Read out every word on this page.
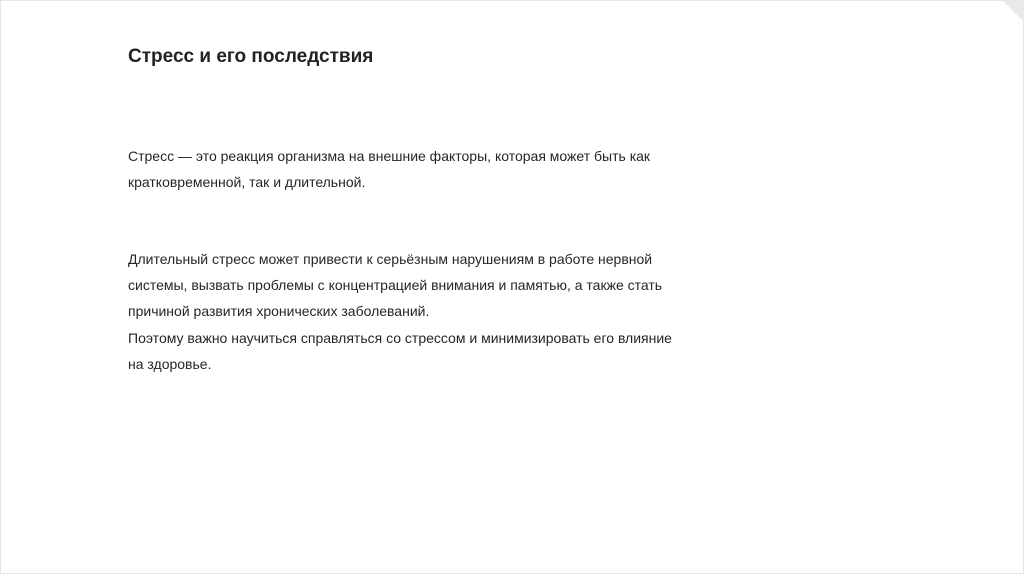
Стресс и его последствия

Стресс — это реакция организма на внешние факторы, которая может быть как
кратковременной, так и длительной.

Длительный стресс может привести к серьёзным нарушениям в работе нервной
системы, вызвать проблемы с концентрацией внимания и памятью, а также стать
причиной развития хронических заболеваний.

Поэтому важно научиться справляться со стрессом и минимизировать его влияние
на здоровье.
